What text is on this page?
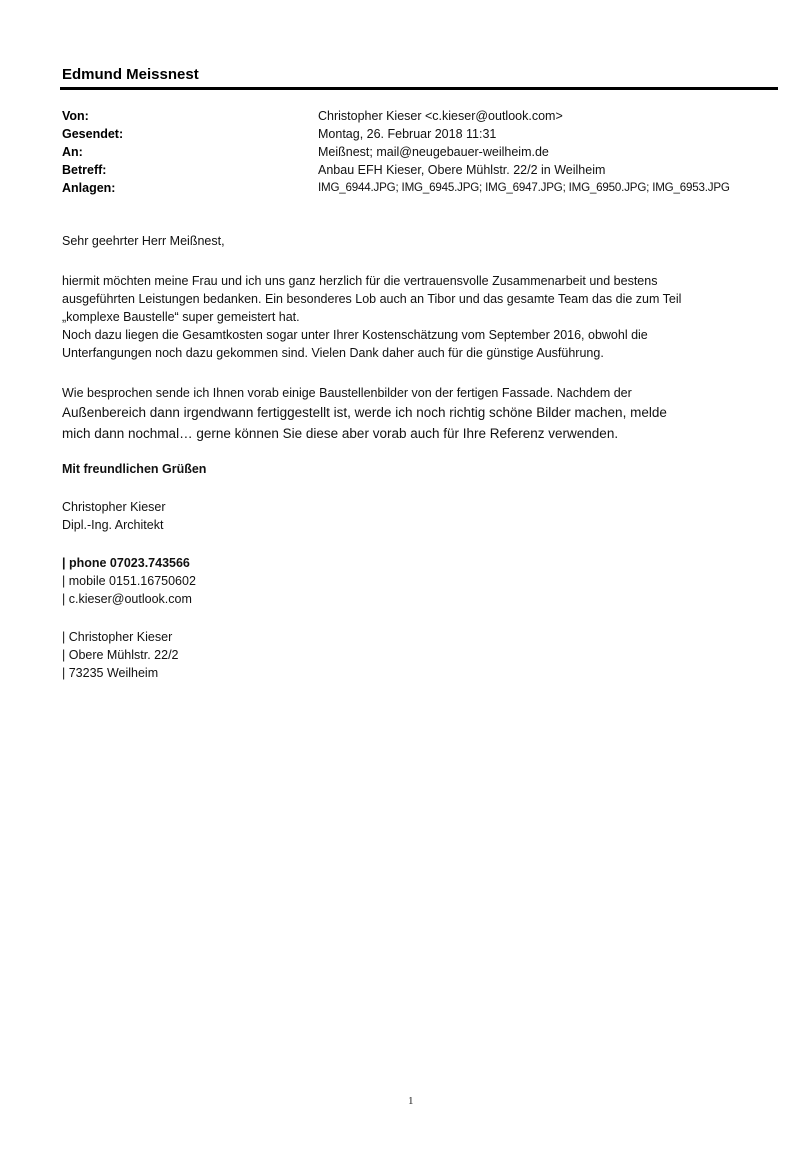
Edmund Meissnest
Von:	Christopher Kieser <c.kieser@outlook.com>
Gesendet:	Montag, 26. Februar 2018 11:31
An:	Meißnest; mail@neugebauer-weilheim.de
Betreff:	Anbau EFH Kieser, Obere Mühlstr. 22/2 in Weilheim
Anlagen:	IMG_6944.JPG; IMG_6945.JPG; IMG_6947.JPG; IMG_6950.JPG; IMG_6953.JPG
Sehr geehrter Herr Meißnest,
hiermit möchten meine Frau und ich uns ganz herzlich für die vertrauensvolle Zusammenarbeit und bestens
ausgeführten Leistungen bedanken. Ein besonderes Lob auch an Tibor und das gesamte Team das die zum Teil
„komplexe Baustelle“ super gemeistert hat.
Noch dazu liegen die Gesamtkosten sogar unter Ihrer Kostenschätzung vom September 2016, obwohl die
Unterfangungen noch dazu gekommen sind. Vielen Dank daher auch für die günstige Ausführung.
Wie besprochen sende ich Ihnen vorab einige Baustellenbilder von der fertigen Fassade. Nachdem der
Außenbereich dann irgendwann fertiggestellt ist, werde ich noch richtig schöne Bilder machen, melde
mich dann nochmal… gerne können Sie diese aber vorab auch für Ihre Referenz verwenden.
Mit freundlichen Grüßen
Christopher Kieser
Dipl.-Ing. Architekt
| phone 07023.743566
| mobile 0151.16750602
| c.kieser@outlook.com
| Christopher Kieser
| Obere Mühlstr. 22/2
| 73235 Weilheim
1
